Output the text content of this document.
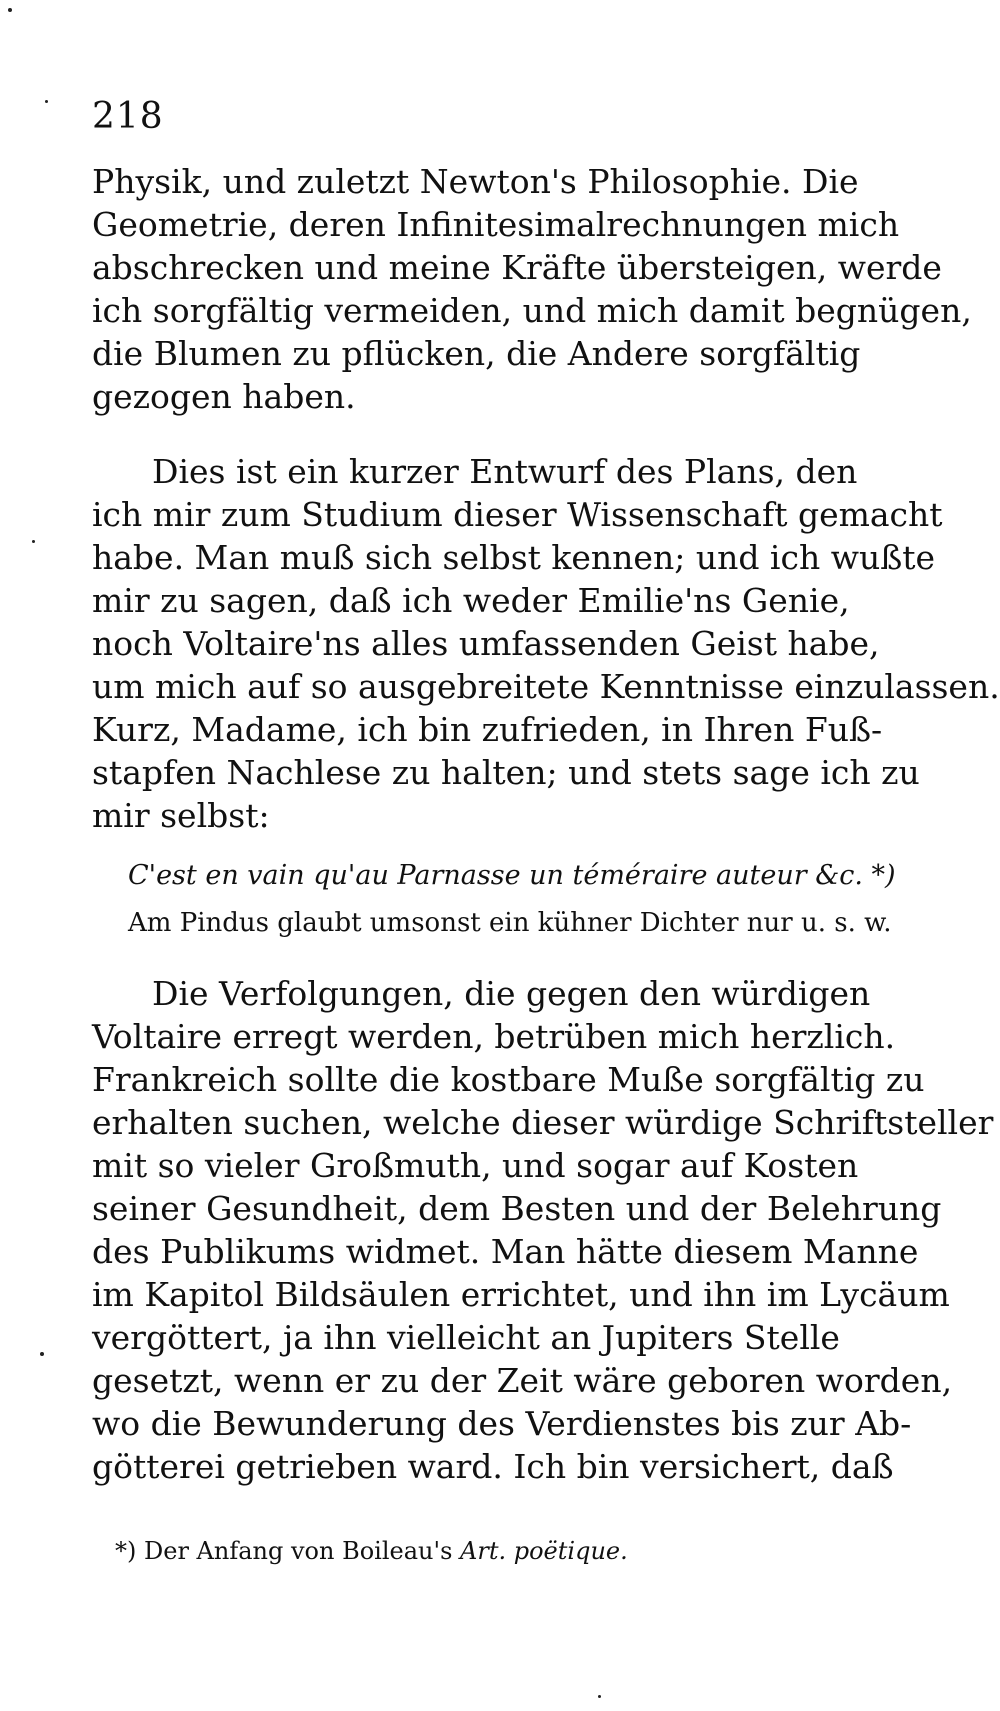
218
Physik, und zuletzt Newton's Philosophie. Die
Geometrie, deren Infinitesimalrechnungen mich
abschrecken und meine Kräfte übersteigen, werde
ich sorgfältig vermeiden, und mich damit begnügen,
die Blumen zu pflücken, die Andere sorgfältig
gezogen haben.
Dies ist ein kurzer Entwurf des Plans, den
ich mir zum Studium dieser Wissenschaft gemacht
habe. Man muß sich selbst kennen; und ich wußte
mir zu sagen, daß ich weder Emilie'ns Genie,
noch Voltaire'ns alles umfassenden Geist habe,
um mich auf so ausgebreitete Kenntnisse einzulassen.
Kurz, Madame, ich bin zufrieden, in Ihren Fuß-
stapfen Nachlese zu halten; und stets sage ich zu
mir selbst:
C'est en vain qu'au Parnasse un téméraire auteur &c. *)
Am Pindus glaubt umsonst ein kühner Dichter nur u. s. w.
Die Verfolgungen, die gegen den würdigen
Voltaire erregt werden, betrüben mich herzlich.
Frankreich sollte die kostbare Muße sorgfältig zu
erhalten suchen, welche dieser würdige Schriftsteller
mit so vieler Großmuth, und sogar auf Kosten
seiner Gesundheit, dem Besten und der Belehrung
des Publikums widmet. Man hätte diesem Manne
im Kapitol Bildsäulen errichtet, und ihn im Lycäum
vergöttert, ja ihn vielleicht an Jupiters Stelle
gesetzt, wenn er zu der Zeit wäre geboren worden,
wo die Bewunderung des Verdienstes bis zur Ab-
götterei getrieben ward. Ich bin versichert, daß
*) Der Anfang von Boileau's Art. poëtique.
